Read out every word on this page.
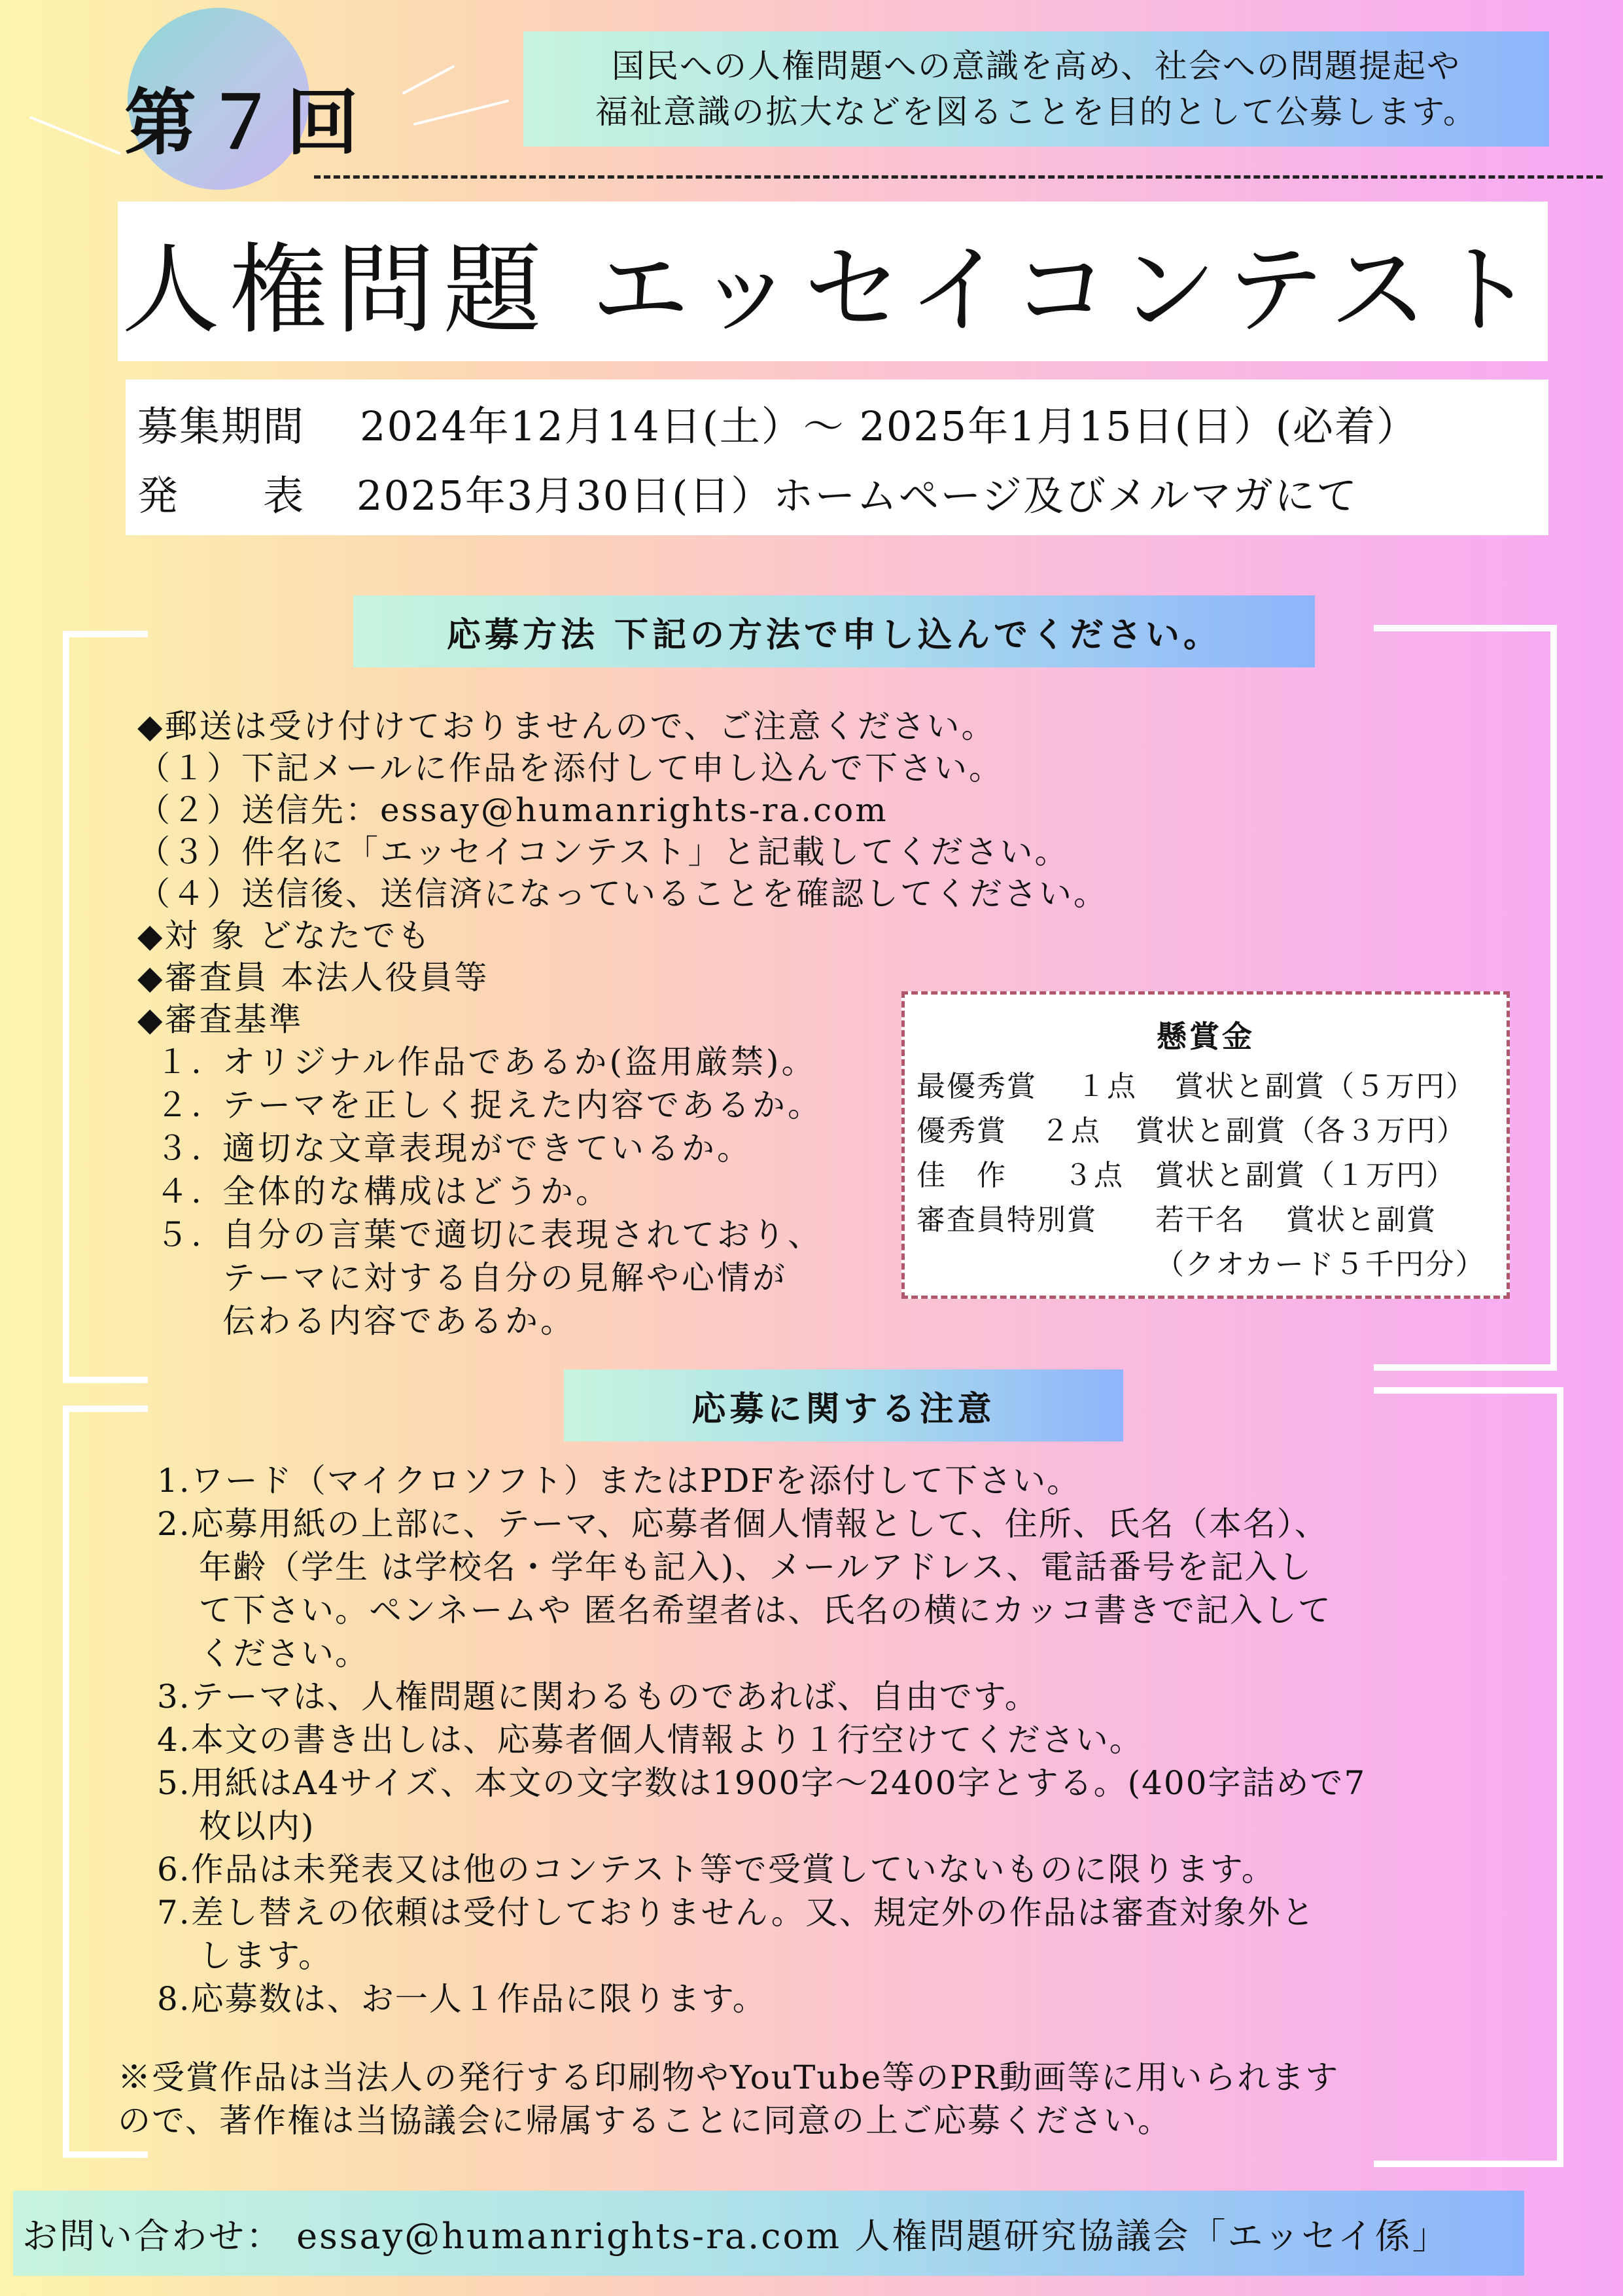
第７回
国民への人権問題への意識を高め、社会への問題提起や
福祉意識の拡大などを図ることを目的として公募します。
人権問題 エッセイコンテスト
募集期間 2024年12月14日(土）～ 2025年1月15日(日）(必着）
発　　表 2025年3月30日(日）ホームページ及びメルマガにて
応募方法 下記の方法で申し込んでください。
◆郵送は受け付けておりませんので、ご注意ください。
（１）下記メールに作品を添付して申し込んで下さい。
（２）送信先：essay@humanrights-ra.com
（３）件名に「エッセイコンテスト」と記載してください。
（４）送信後、送信済になっていることを確認してください。
◆対 象 どなたでも
◆審査員 本法人役員等
◆審査基準
１. オリジナル作品であるか(盗用厳禁)。
２. テーマを正しく捉えた内容であるか。
３. 適切な文章表現ができているか。
４. 全体的な構成はどうか。
５. 自分の言葉で適切に表現されており、
テーマに対する自分の見解や心情が
伝わる内容であるか。
懸賞金
最優秀賞 １点 賞状と副賞（５万円）
優秀賞 ２点 賞状と副賞（各３万円）
佳　作 ３点 賞状と副賞（１万円）
審査員特別賞 若干名 賞状と副賞
（クオカード５千円分）
応募に関する注意
1.ワード（マイクロソフト）またはPDFを添付して下さい。
2.応募用紙の上部に、テーマ、応募者個人情報として、住所、氏名（本名）、
年齢（学生 は学校名・学年も記入)、メールアドレス、電話番号を記入し
て下さい。ペンネームや 匿名希望者は、氏名の横にカッコ書きで記入して
ください。
3.テーマは、人権問題に関わるものであれば、自由です。
4.本文の書き出しは、応募者個人情報より１行空けてください。
5.用紙はA4サイズ、本文の文字数は1900字～2400字とする。(400字詰めで7
枚以内)
6.作品は未発表又は他のコンテスト等で受賞していないものに限ります。
7.差し替えの依頼は受付しておりません。又、規定外の作品は審査対象外と
します。
8.応募数は、お一人１作品に限ります。
※受賞作品は当法人の発行する印刷物やYouTube等のPR動画等に用いられます
ので、著作権は当協議会に帰属することに同意の上ご応募ください。
お問い合わせ： essay@humanrights-ra.com 人権問題研究協議会「エッセイ係」
